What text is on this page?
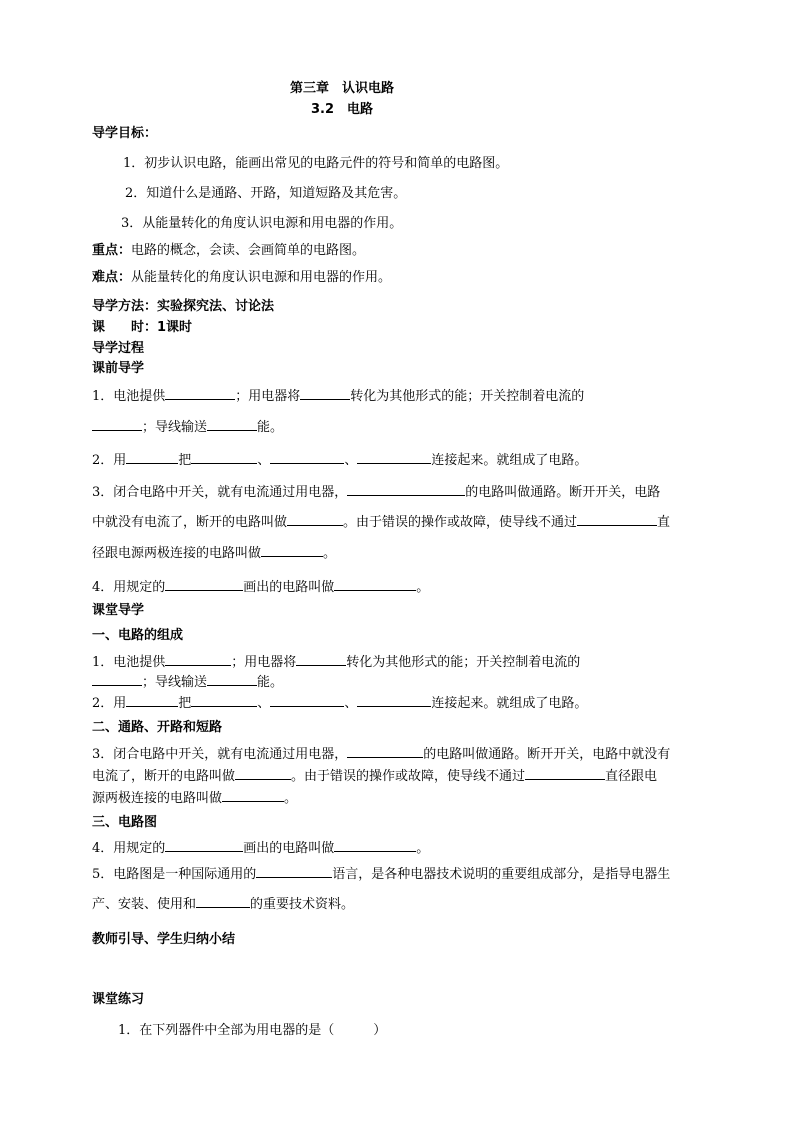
第三章　认识电路
3.2　电路
导学目标：
1．初步认识电路，能画出常见的电路元件的符号和简单的电路图。
2．知道什么是通路、开路，知道短路及其危害。
3．从能量转化的角度认识电源和用电器的作用。
重点：电路的概念，会读、会画简单的电路图。
难点：从能量转化的角度认识电源和用电器的作用。
导学方法：实验探究法、讨论法
课　　时：1课时
导学过程
课前导学
1．电池提供	；用电器将	转化为其他形式的能；开关控制着电流的
；导线输送	能。
2．用	把	、	、	连接起来。就组成了电路。
3．闭合电路中开关，就有电流通过用电器，	的电路叫做通路。断开开关，电路
中就没有电流了，断开的电路叫做	。由于错误的操作或故障，使导线不通过	直
径跟电源两极连接的电路叫做	。
4．用规定的	画出的电路叫做	。
课堂导学
一、电路的组成
1．电池提供	；用电器将	转化为其他形式的能；开关控制着电流的
；导线输送	能。
2．用	把	、	、	连接起来。就组成了电路。
二、通路、开路和短路
3．闭合电路中开关，就有电流通过用电器，	的电路叫做通路。断开开关，电路中就没有
电流了，断开的电路叫做	。由于错误的操作或故障，使导线不通过	直径跟电
源两极连接的电路叫做	。
三、电路图
4．用规定的	画出的电路叫做	。
5．电路图是一种国际通用的	语言，是各种电器技术说明的重要组成部分，是指导电器生
产、安装、使用和	的重要技术资料。
教师引导、学生归纳小结
课堂练习
1．在下列器件中全部为用电器的是（　　　）
